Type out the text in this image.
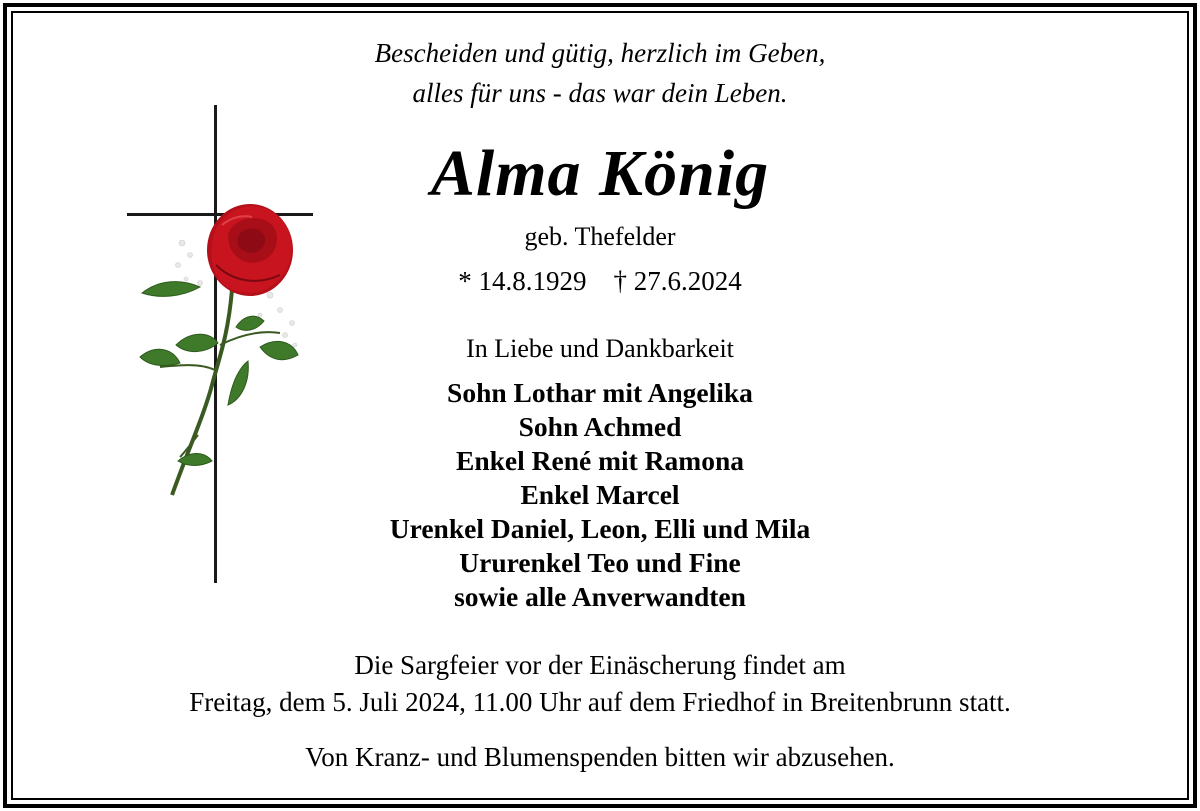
Bescheiden und gütig, herzlich im Geben,
alles für uns - das war dein Leben.
Alma König
geb. Thefelder
* 14.8.1929    † 27.6.2024
In Liebe und Dankbarkeit
Sohn Lothar mit Angelika
Sohn Achmed
Enkel René mit Ramona
Enkel Marcel
Urenkel Daniel, Leon, Elli und Mila
Ururenkel Teo und Fine
sowie alle Anverwandten
Die Sargfeier vor der Einäscherung findet am
Freitag, dem 5. Juli 2024, 11.00 Uhr auf dem Friedhof in Breitenbrunn statt.
Von Kranz- und Blumenspenden bitten wir abzusehen.
